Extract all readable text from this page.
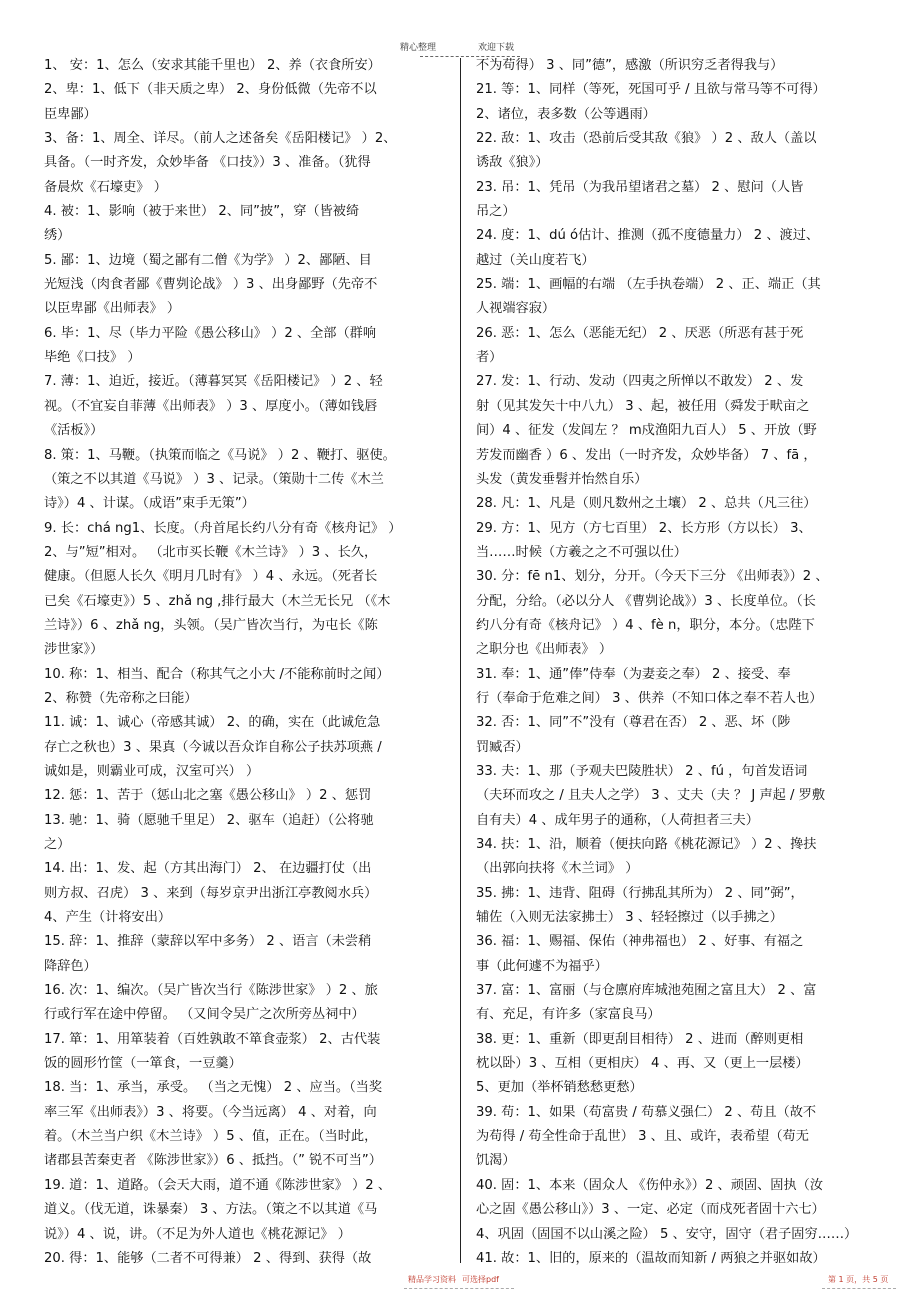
精心整理	欢迎下载

1、 安：1、怎么（安求其能千里也） 2、养（衣食所安）

2、卑：1、低下（非天质之卑） 2、身份低微（先帝不以

臣卑鄙）

3、备：1、周全、详尽。（前人之述备矣《岳阳楼记》 ）2、

具备。（一时齐发，众妙毕备 《口技》）3 、准备。（犹得

备晨炊《石壕吏》 ）

4. 被：1、影响（被于来世） 2、同”披”，穿（皆被绮

绣）

5. 鄙：1、边境（蜀之鄙有二僧《为学》 ）2、鄙陋、目

光短浅（肉食者鄙《曹刿论战》 ）3 、出身鄙野（先帝不

以臣卑鄙《出师表》 ）

6. 毕：1、尽（毕力平险《愚公移山》 ）2 、全部（群响

毕绝《口技》 ）

7. 薄：1、迫近，接近。（薄暮冥冥《岳阳楼记》 ）2 、轻

视。（不宜妄自菲薄《出师表》 ）3 、厚度小。（薄如钱唇

《活板》）

8. 策：1、马鞭。（执策而临之《马说》 ）2 、鞭打、驱使。

（策之不以其道《马说》 ）3 、记录。（策勋十二传《木兰

诗》）4 、计谋。（成语”束手无策”）

9. 长：chá ng1、长度。（舟首尾长约八分有奇《核舟记》 ）

2、与”短”相对。 （北市买长鞭《木兰诗》 ）3 、长久，

健康。（但愿人长久《明月几时有》 ）4 、永远。（死者长

已矣《石壕吏》）5 、zhǎ ng ,排行最大（木兰无长兄 （《木

兰诗》）6 、zhǎ ng，头领。（吴广皆次当行，为屯长《陈

涉世家》）

10. 称：1、相当、配合（称其气之小大 /不能称前时之闻）

2、称赞（先帝称之曰能）

11. 诚：1、诚心（帝感其诚） 2、的确，实在（此诚危急

存亡之秋也）3 、果真（今诚以吾众诈自称公子扶苏项燕 /

诚如是，则霸业可成，汉室可兴） ）

12. 惩：1、苦于（惩山北之塞《愚公移山》 ）2 、惩罚

13. 驰：1、骑（愿驰千里足） 2、驱车（追赶）（公将驰

之）

14. 出：1、发、起（方其出海门） 2、 在边疆打仗（出

则方叔、召虎） 3 、来到（每岁京尹出浙江亭教阅水兵）

4、产生（计将安出）

15. 辞：1、推辞（蒙辞以军中多务） 2 、语言（未尝稍

降辞色）

16. 次：1、编次。（吴广皆次当行《陈涉世家》 ）2 、旅

行或行军在途中停留。 （又间令吴广之次所旁丛祠中）

17. 箪：1、用箪装着（百姓孰敢不箪食壶浆） 2、古代装

饭的圆形竹筐（一箪食，一豆羹）

18. 当：1、承当，承受。 （当之无愧） 2 、应当。（当奖

率三军《出师表》）3 、将要。（今当远离） 4 、对着，向

着。（木兰当户织《木兰诗》 ）5 、值，正在。（当时此，

诸郡县苦秦吏者 《陈涉世家》）6 、抵挡。（” 锐不可当”）

19. 道：1、道路。（会天大雨，道不通《陈涉世家》 ）2 、

道义。（伐无道，诛暴秦） 3 、方法。（策之不以其道《马

说》）4 、说，讲。（不足为外人道也《桃花源记》 ）

20. 得：1、能够（二者不可得兼） 2 、得到、获得（故

不为苟得） 3 、同”德”，感激（所识穷乏者得我与）

21. 等：1、同样（等死，死国可乎 / 且欲与常马等不可得）

2、诸位，表多数（公等遇雨）

22. 敌：1、攻击（恐前后受其敌《狼》 ）2 、敌人（盖以

诱敌《狼》）

23. 吊：1、凭吊（为我吊望诸君之墓） 2 、慰问（人皆

吊之）

24. 度：1、dú ó估计、推测（孤不度德量力） 2 、渡过、

越过（关山度若飞）

25. 端：1、画幅的右端 （左手执卷端） 2 、正、端正（其

人视端容寂）

26. 恶：1、怎么（恶能无纪） 2 、厌恶（所恶有甚于死

者）

27. 发：1、行动、发动（四夷之所惮以不敢发） 2 、发

射（见其发矢十中八九） 3 、起，被任用（舜发于畎亩之

间）4 、征发（发闾左 ？ m戍渔阳九百人） 5 、开放（野

芳发而幽香 ）6 、发出（一时齐发，众妙毕备） 7 、fā ，

头发（黄发垂髫并怡然自乐）

28. 凡：1、凡是（则凡数州之土壤） 2 、总共（凡三往）

29. 方：1、见方（方七百里） 2、长方形（方以长） 3、

当……时候（方羲之之不可强以仕）

30. 分：fē n1、划分，分开。（今天下三分 《出师表》）2 、

分配，分给。（必以分人 《曹刿论战》）3 、长度单位。（长

约八分有奇《核舟记》 ）4 、fè n，职分，本分。（忠陛下

之职分也《出师表》 ）

31. 奉：1、通”俸”侍奉（为妻妾之奉） 2 、接受、奉

行（奉命于危难之间） 3 、供养（不知口体之奉不若人也）

32. 否：1、同”不”没有（尊君在否） 2 、恶、坏（陟

罚臧否）

33. 夫：1、那（予观夫巴陵胜状） 2 、fú ，句首发语词

（夫环而攻之 / 且夫人之学） 3 、丈夫（夫 ？ J 声起 / 罗敷

自有夫）4 、成年男子的通称，（人荷担者三夫）

34. 扶：1、沿，顺着（便扶向路《桃花源记》 ）2 、搀扶

（出郭向扶将《木兰词》 ）

35. 拂：1、违背、阻碍（行拂乱其所为） 2 、同”弼”，

辅佐（入则无法家拂士） 3 、轻轻擦过（以手拂之）

36. 福：1、赐福、保佑（神弗福也） 2 、好事、有福之

事（此何遽不为福乎）

37. 富：1、富丽（与仓廪府库城池苑囿之富且大） 2 、富

有、充足，有许多（家富良马）

38. 更：1、重新（即更刮目相待） 2 、进而（醉则更相

枕以卧）3 、互相（更相庆） 4 、再、又（更上一层楼）

5、更加（举杯销愁愁更愁）

39. 苟：1、如果（苟富贵 / 苟慕义强仁） 2 、苟且（故不

为苟得 / 苟全性命于乱世） 3 、且、或许，表希望（苟无

饥渴）

40. 固：1、本来（固众人 《伤仲永》）2 、顽固、固执（汝

心之固《愚公移山》）3 、一定、必定（而戍死者固十六七）

4、巩固（固国不以山溪之险） 5 、安守，固守（君子固穷……）

41. 故：1、旧的，原来的（温故而知新 / 两狼之并驱如故）

精品学习资料 可选择pdf	第 1 页，共 5 页
